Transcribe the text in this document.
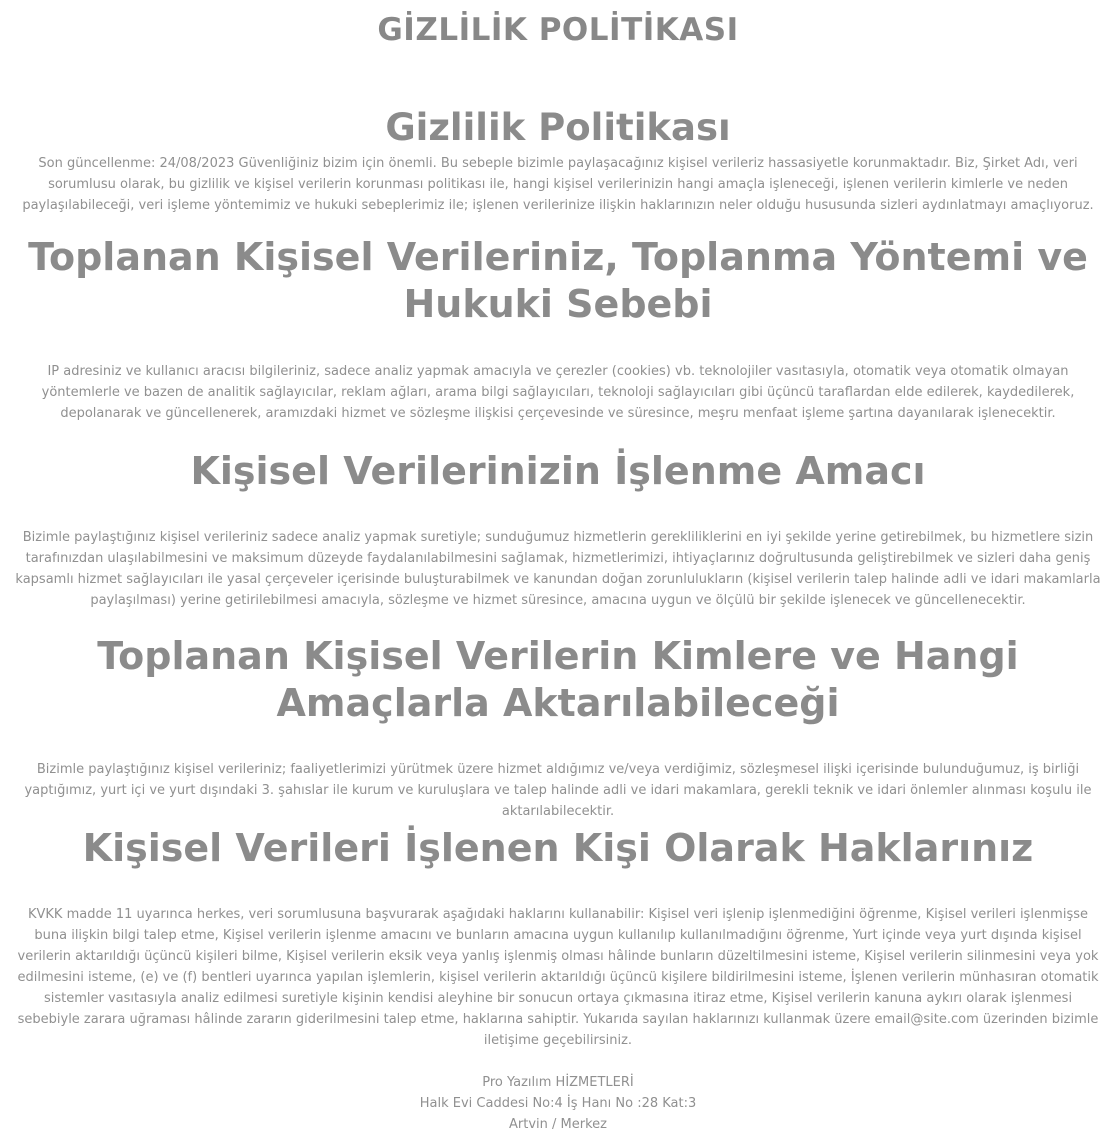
GİZLİLİK POLİTİKASI
Gizlilik Politikası

Son güncellenme: 24/08/2023 Güvenliğiniz bizim için önemli. Bu sebeple bizimle paylaşacağınız kişisel verileriz hassasiyetle korunmaktadır. Biz, Şirket Adı, veri sorumlusu olarak, bu gizlilik ve kişisel verilerin korunması politikası ile, hangi kişisel verilerinizin hangi amaçla işleneceği, işlenen verilerin kimlerle ve neden paylaşılabileceği, veri işleme yöntemimiz ve hukuki sebeplerimiz ile; işlenen verilerinize ilişkin haklarınızın neler olduğu hususunda sizleri aydınlatmayı amaçlıyoruz.

Toplanan Kişisel Verileriniz, Toplanma Yöntemi ve Hukuki Sebebi

IP adresiniz ve kullanıcı aracısı bilgileriniz, sadece analiz yapmak amacıyla ve çerezler (cookies) vb. teknolojiler vasıtasıyla, otomatik veya otomatik olmayan yöntemlerle ve bazen de analitik sağlayıcılar, reklam ağları, arama bilgi sağlayıcıları, teknoloji sağlayıcıları gibi üçüncü taraflardan elde edilerek, kaydedilerek, depolanarak ve güncellenerek, aramızdaki hizmet ve sözleşme ilişkisi çerçevesinde ve süresince, meşru menfaat işleme şartına dayanılarak işlenecektir.

Kişisel Verilerinizin İşlenme Amacı

Bizimle paylaştığınız kişisel verileriniz sadece analiz yapmak suretiyle; sunduğumuz hizmetlerin gerekliliklerini en iyi şekilde yerine getirebilmek, bu hizmetlere sizin tarafınızdan ulaşılabilmesini ve maksimum düzeyde faydalanılabilmesini sağlamak, hizmetlerimizi, ihtiyaçlarınız doğrultusunda geliştirebilmek ve sizleri daha geniş kapsamlı hizmet sağlayıcıları ile yasal çerçeveler içerisinde buluşturabilmek ve kanundan doğan zorunlulukların (kişisel verilerin talep halinde adli ve idari makamlarla paylaşılması) yerine getirilebilmesi amacıyla, sözleşme ve hizmet süresince, amacına uygun ve ölçülü bir şekilde işlenecek ve güncellenecektir.

Toplanan Kişisel Verilerin Kimlere ve Hangi Amaçlarla Aktarılabileceği

Bizimle paylaştığınız kişisel verileriniz; faaliyetlerimizi yürütmek üzere hizmet aldığımız ve/veya verdiğimiz, sözleşmesel ilişki içerisinde bulunduğumuz, iş birliği yaptığımız, yurt içi ve yurt dışındaki 3. şahıslar ile kurum ve kuruluşlara ve talep halinde adli ve idari makamlara, gerekli teknik ve idari önlemler alınması koşulu ile aktarılabilecektir.

Kişisel Verileri İşlenen Kişi Olarak Haklarınız

KVKK madde 11 uyarınca herkes, veri sorumlusuna başvurarak aşağıdaki haklarını kullanabilir: Kişisel veri işlenip işlenmediğini öğrenme, Kişisel verileri işlenmişse buna ilişkin bilgi talep etme, Kişisel verilerin işlenme amacını ve bunların amacına uygun kullanılıp kullanılmadığını öğrenme, Yurt içinde veya yurt dışında kişisel verilerin aktarıldığı üçüncü kişileri bilme, Kişisel verilerin eksik veya yanlış işlenmiş olması hâlinde bunların düzeltilmesini isteme, Kişisel verilerin silinmesini veya yok edilmesini isteme, (e) ve (f) bentleri uyarınca yapılan işlemlerin, kişisel verilerin aktarıldığı üçüncü kişilere bildirilmesini isteme, İşlenen verilerin münhasıran otomatik sistemler vasıtasıyla analiz edilmesi suretiyle kişinin kendisi aleyhine bir sonucun ortaya çıkmasına itiraz etme, Kişisel verilerin kanuna aykırı olarak işlenmesi sebebiyle zarara uğraması hâlinde zararın giderilmesini talep etme, haklarına sahiptir. Yukarıda sayılan haklarınızı kullanmak üzere email@site.com üzerinden bizimle iletişime geçebilirsiniz.

Pro Yazılım HİZMETLERİ
Halk Evi Caddesi No:4 İş Hanı No :28 Kat:3
Artvin / Merkez
